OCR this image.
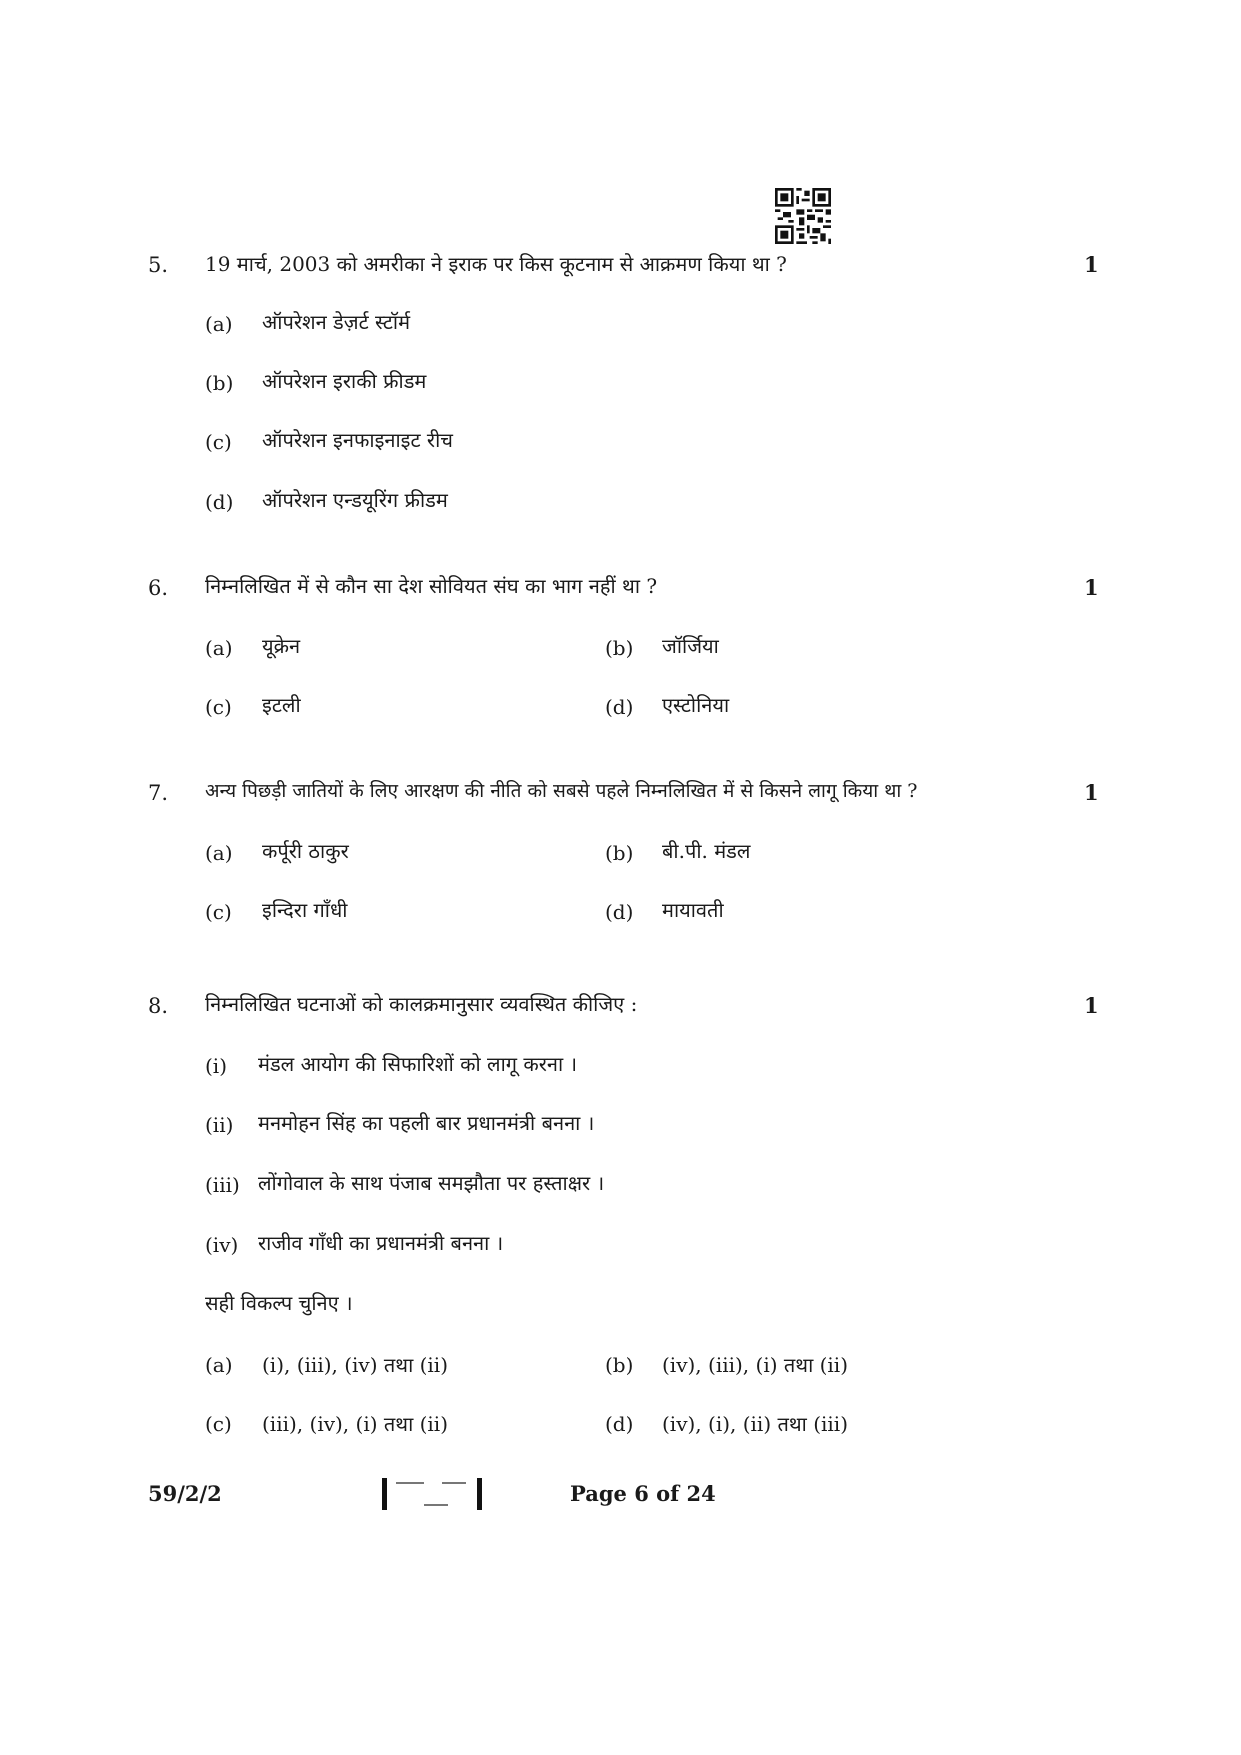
5. 19 मार्च, 2003 को अमरीका ने इराक पर किस कूटनाम से आक्रमण किया था ?	1
(a) ऑपरेशन डेज़र्ट स्टॉर्म
(b) ऑपरेशन इराकी फ्रीडम
(c) ऑपरेशन इनफाइनाइट रीच
(d) ऑपरेशन एन्डयूरिंग फ्रीडम
6. निम्नलिखित में से कौन सा देश सोवियत संघ का भाग नहीं था ?	1
(a) यूक्रेन	(b) जॉर्जिया
(c) इटली	(d) एस्टोनिया
7. अन्य पिछड़ी जातियों के लिए आरक्षण की नीति को सबसे पहले निम्नलिखित में से किसने लागू किया था ?	1
(a) कर्पूरी ठाकुर	(b) बी.पी. मंडल
(c) इन्दिरा गाँधी	(d) मायावती
8. निम्नलिखित घटनाओं को कालक्रमानुसार व्यवस्थित कीजिए :	1
(i) मंडल आयोग की सिफारिशों को लागू करना ।
(ii) मनमोहन सिंह का पहली बार प्रधानमंत्री बनना ।
(iii) लोंगोवाल के साथ पंजाब समझौता पर हस्ताक्षर ।
(iv) राजीव गाँधी का प्रधानमंत्री बनना ।
सही विकल्प चुनिए ।
(a) (i), (iii), (iv) तथा (ii)	(b) (iv), (iii), (i) तथा (ii)
(c) (iii), (iv), (i) तथा (ii)	(d) (iv), (i), (ii) तथा (iii)
59/2/2	Page 6 of 24
